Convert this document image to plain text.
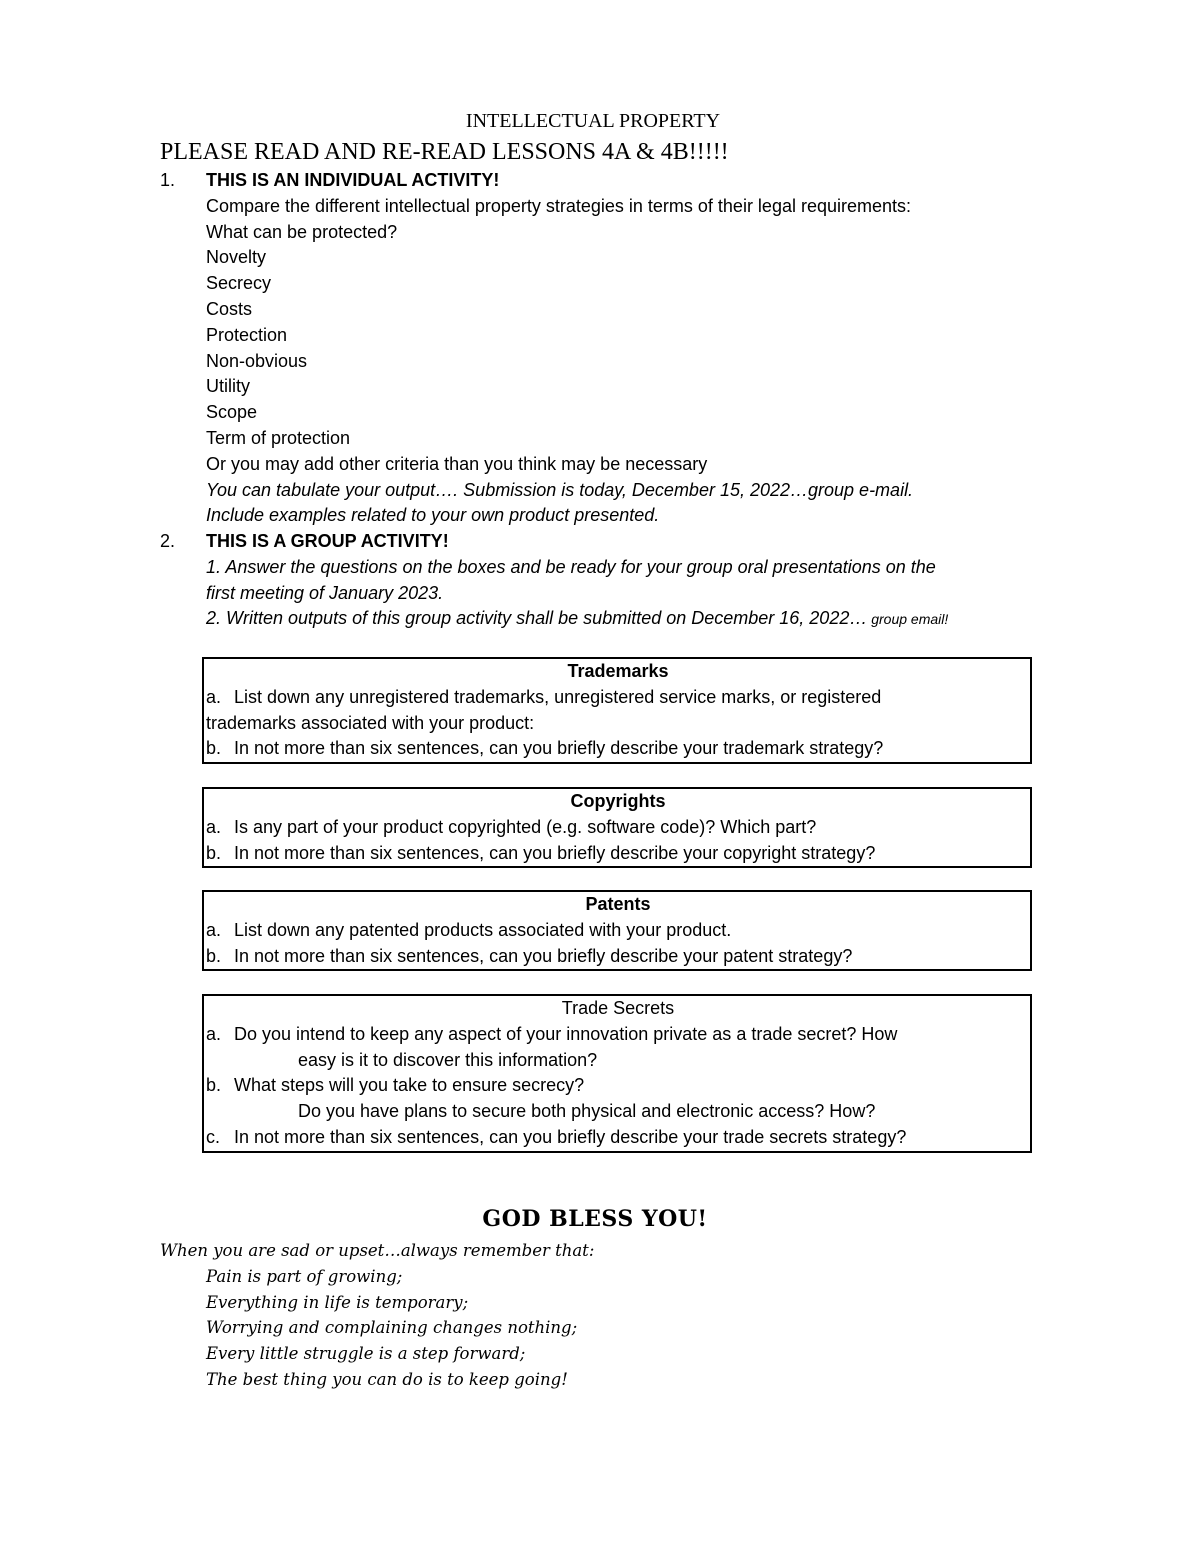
INTELLECTUAL PROPERTY
PLEASE READ AND RE-READ LESSONS 4A & 4B!!!!!
1.	THIS IS AN INDIVIDUAL ACTIVITY!
Compare the different intellectual property strategies in terms of their legal requirements:
What can be protected?
Novelty
Secrecy
Costs
Protection
Non-obvious
Utility
Scope
Term of protection
Or you may add other criteria than you think may be necessary
You can tabulate your output…. Submission is today, December 15, 2022…group e-mail.
Include examples related to your own product presented.
2.	THIS IS A GROUP ACTIVITY!
1. Answer the questions on the boxes and be ready for your group oral presentations on the
first meeting of January 2023.
2. Written outputs of this group activity shall be submitted on December 16, 2022… group email!
Trademarks
a. List down any unregistered trademarks, unregistered service marks, or registered
trademarks associated with your product:
b. In not more than six sentences, can you briefly describe your trademark strategy?
Copyrights
a. Is any part of your product copyrighted (e.g. software code)? Which part?
b. In not more than six sentences, can you briefly describe your copyright strategy?
Patents
a. List down any patented products associated with your product.
b. In not more than six sentences, can you briefly describe your patent strategy?
Trade Secrets
a. Do you intend to keep any aspect of your innovation private as a trade secret? How
easy is it to discover this information?
b. What steps will you take to ensure secrecy?
Do you have plans to secure both physical and electronic access? How?
c. In not more than six sentences, can you briefly describe your trade secrets strategy?
GOD BLESS YOU!
When you are sad or upset…always remember that:
Pain is part of growing;
Everything in life is temporary;
Worrying and complaining changes nothing;
Every little struggle is a step forward;
The best thing you can do is to keep going!
